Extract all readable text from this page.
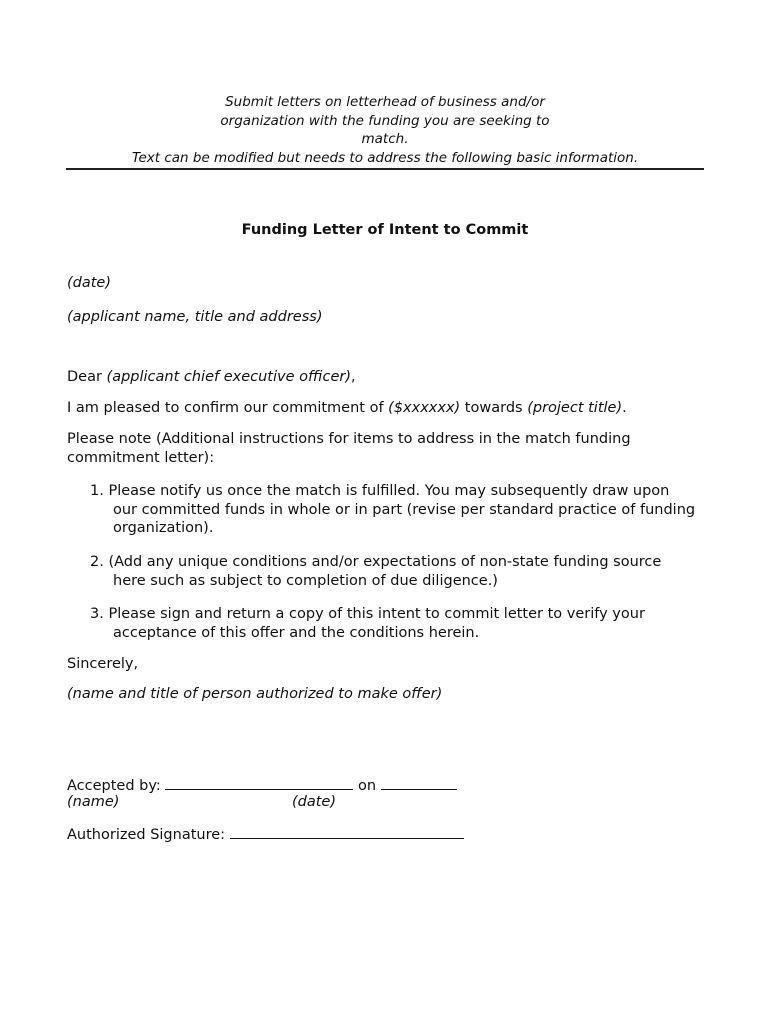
Submit letters on letterhead of business and/or organization with the funding you are seeking to match.
Text can be modified but needs to address the following basic information.
Funding Letter of Intent to Commit
(date)
(applicant name, title and address)
Dear (applicant chief executive officer),
I am pleased to confirm our commitment of ($xxxxxx) towards (project title).
Please note (Additional instructions for items to address in the match funding commitment letter):
1. Please notify us once the match is fulfilled. You may subsequently draw upon
our committed funds in whole or in part (revise per standard practice of funding organization).
2. (Add any unique conditions and/or expectations of non-state funding source
here such as subject to completion of due diligence.)
3. Please sign and return a copy of this intent to commit letter to verify your
acceptance of this offer and the conditions herein.
Sincerely,
(name and title of person authorized to make offer)
Accepted by:	on
(name)	(date)
Authorized Signature:
